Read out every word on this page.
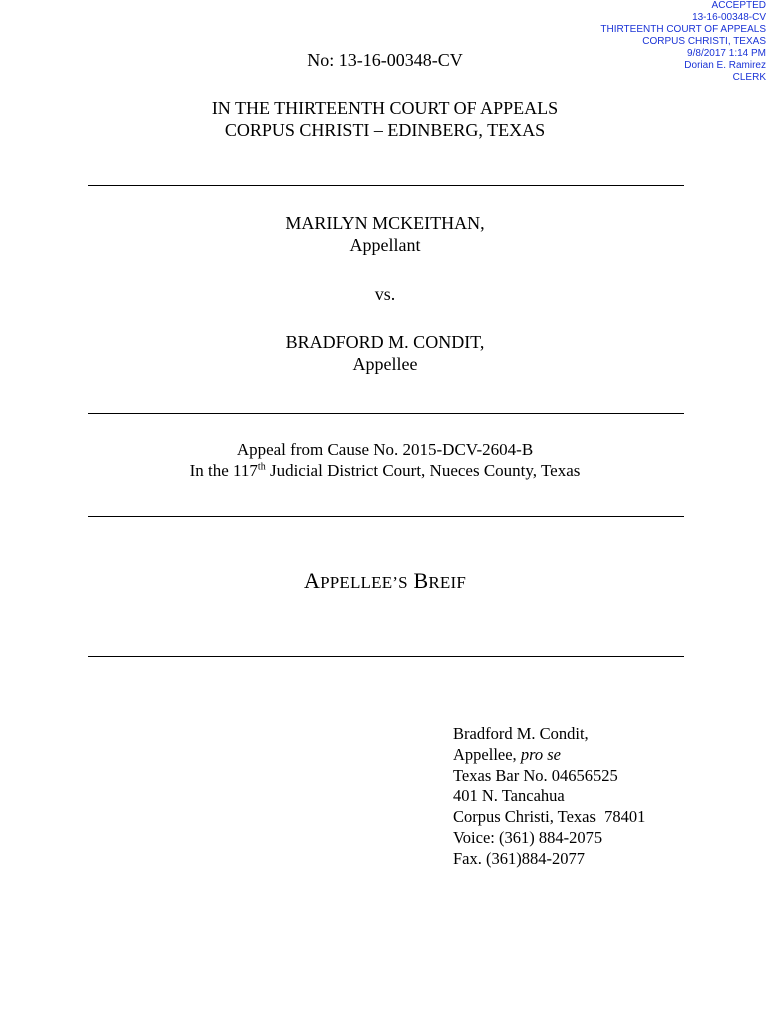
ACCEPTED
13-16-00348-CV
THIRTEENTH COURT OF APPEALS
CORPUS CHRISTI, TEXAS
9/8/2017 1:14 PM
Dorian E. Ramirez
CLERK
No: 13-16-00348-CV
IN THE THIRTEENTH COURT OF APPEALS
CORPUS CHRISTI – EDINBERG, TEXAS
MARILYN MCKEITHAN,
Appellant
vs.
BRADFORD M. CONDIT,
Appellee
Appeal from Cause No. 2015-DCV-2604-B
In the 117th Judicial District Court, Nueces County, Texas
APPELLEE’S BREIF
Bradford M. Condit,
Appellee, pro se
Texas Bar No. 04656525
401 N. Tancahua
Corpus Christi, Texas  78401
Voice: (361) 884-2075
Fax. (361)884-2077
